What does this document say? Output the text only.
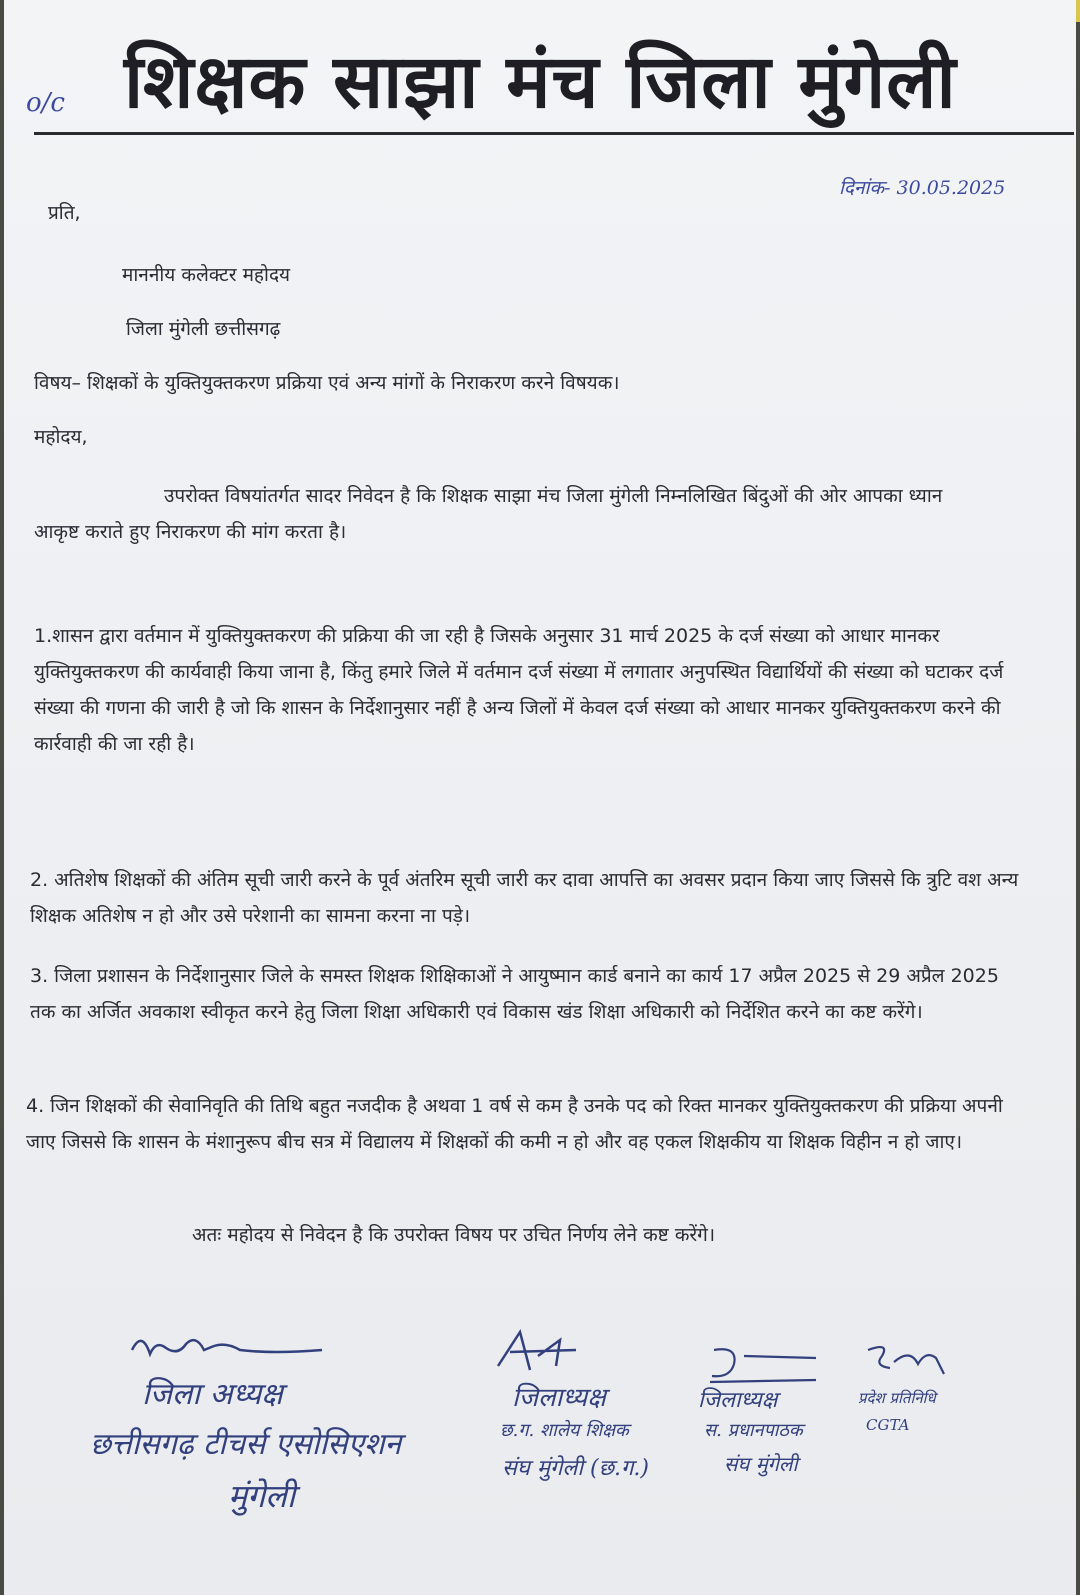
o/c शिक्षक साझा मंच जिला मुंगेली
दिनांक- 30.05.2025
प्रति,
माननीय कलेक्टर महोदय
जिला मुंगेली छत्तीसगढ़
विषय– शिक्षकों के युक्तियुक्तकरण प्रक्रिया एवं अन्य मांगों के निराकरण करने विषयक।
महोदय,
उपरोक्त विषयांतर्गत सादर निवेदन है कि शिक्षक साझा मंच जिला मुंगेली निम्नलिखित बिंदुओं की ओर आपका ध्यान आकृष्ट कराते हुए निराकरण की मांग करता है।
1.शासन द्वारा वर्तमान में युक्तियुक्तकरण की प्रक्रिया की जा रही है जिसके अनुसार 31 मार्च 2025 के दर्ज संख्या को आधार मानकर युक्तियुक्तकरण की कार्यवाही किया जाना है, किंतु हमारे जिले में वर्तमान दर्ज संख्या में लगातार अनुपस्थित विद्यार्थियों की संख्या को घटाकर दर्ज संख्या की गणना की जारी है जो कि शासन के निर्देशानुसार नहीं है अन्य जिलों में केवल दर्ज संख्या को आधार मानकर युक्तियुक्तकरण करने की कार्रवाही की जा रही है।
2. अतिशेष शिक्षकों की अंतिम सूची जारी करने के पूर्व अंतरिम सूची जारी कर दावा आपत्ति का अवसर प्रदान किया जाए जिससे कि त्रुटि वश अन्य शिक्षक अतिशेष न हो और उसे परेशानी का सामना करना ना पड़े।
3. जिला प्रशासन के निर्देशानुसार जिले के समस्त शिक्षक शिक्षिकाओं ने आयुष्मान कार्ड बनाने का कार्य 17 अप्रैल 2025 से 29 अप्रैल 2025 तक का अर्जित अवकाश स्वीकृत करने हेतु जिला शिक्षा अधिकारी एवं विकास खंड शिक्षा अधिकारी को निर्देशित करने का कष्ट करेंगे।
4. जिन शिक्षकों की सेवानिवृति की तिथि बहुत नजदीक है अथवा 1 वर्ष से कम है उनके पद को रिक्त मानकर युक्तियुक्तकरण की प्रक्रिया अपनी जाए जिससे कि शासन के मंशानुरूप बीच सत्र में विद्यालय में शिक्षकों की कमी न हो और वह एकल शिक्षकीय या शिक्षक विहीन न हो जाए।
अतः महोदय से निवेदन है कि उपरोक्त विषय पर उचित निर्णय लेने कष्ट करेंगे।
जिला अध्यक्ष
छत्तीसगढ़ टीचर्स एसोसिएशन
मुंगेली
जिलाध्यक्ष
छ.ग. शालेय शिक्षक
संघ मुंगेली (छ.ग.)
जिलाध्यक्ष
स. प्रधानपाठक
संघ मुंगेली
प्रदेश प्रतिनिधि
CGTA
